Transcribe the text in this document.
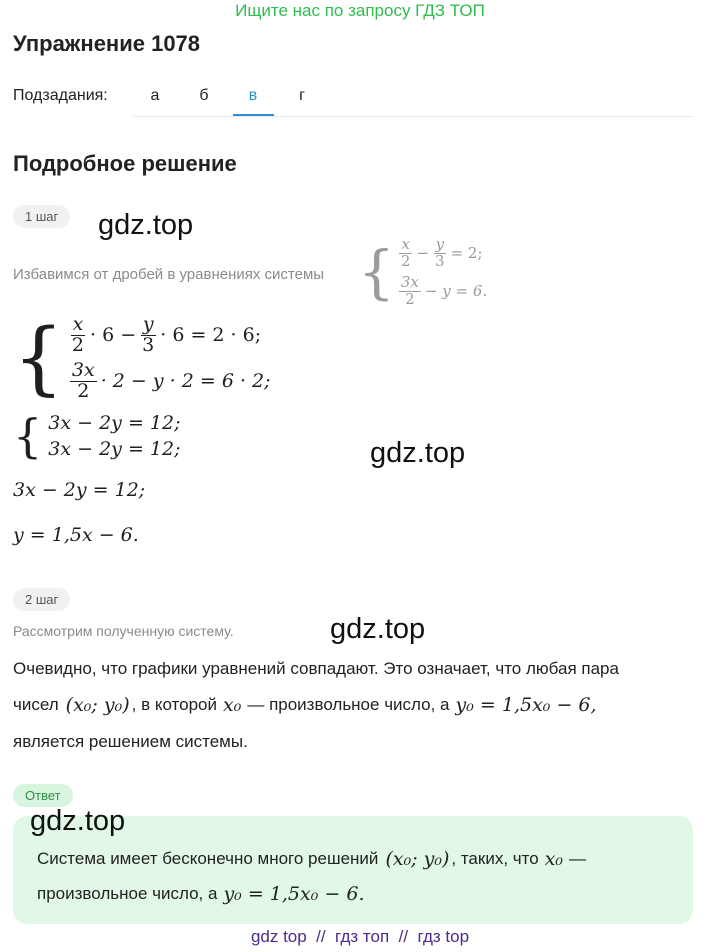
Ищите нас по запросу ГДЗ ТОП
Упражнение 1078
Подзадания:	а	б	в	г
Подробное решение
1 шаг	gdz.top
Избавимся от дробей в уравнениях системы { $\frac{x}{2} - \frac{y}{3} = 2$;
$\frac{3x}{2} - y = 6$.
{ $\frac{x}{2} \cdot 6 - \frac{y}{3} \cdot 6 = 2 \cdot 6$;
$\frac{3x}{2} \cdot 2 - y \cdot 2 = 6 \cdot 2$;
{ 3x − 2y = 12;
3x − 2y = 12;	gdz.top
3x − 2y = 12;
y = 1,5x − 6.
2 шаг
Рассмотрим полученную систему.	gdz.top
Очевидно, что графики уравнений совпадают. Это означает, что любая пара
чисел (x₀; y₀) , в которой x₀ — произвольное число, а y₀ = 1,5x₀ − 6,
является решением системы.
Ответ
gdz.top
Система имеет бесконечно много решений (x₀; y₀) , таких, что x₀ —
произвольное число, а y₀ = 1,5x₀ − 6.
gdz top  //  гдз топ  //  гдз top
